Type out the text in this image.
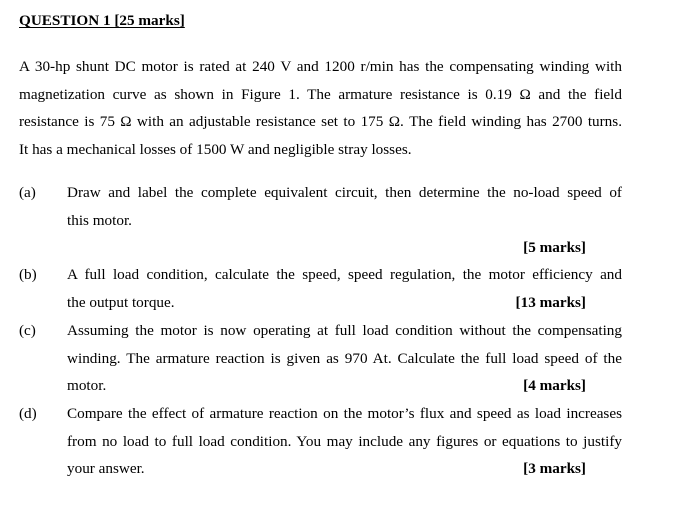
QUESTION 1 [25 marks]
A 30-hp shunt DC motor is rated at 240 V and 1200 r/min has the compensating winding with
magnetization curve as shown in Figure 1. The armature resistance is 0.19 Ω and the field
resistance is 75 Ω with an adjustable resistance set to 175 Ω. The field winding has 2700 turns.
It has a mechanical losses of 1500 W and negligible stray losses.
(a) Draw and label the complete equivalent circuit, then determine the no-load speed of
this motor.
[5 marks]
(b) A full load condition, calculate the speed, speed regulation, the motor efficiency and
the output torque.	[13 marks]
(c) Assuming the motor is now operating at full load condition without the compensating
winding. The armature reaction is given as 970 At. Calculate the full load speed of the
motor.	[4 marks]
(d) Compare the effect of armature reaction on the motor’s flux and speed as load increases
from no load to full load condition. You may include any figures or equations to justify
your answer.	[3 marks]
